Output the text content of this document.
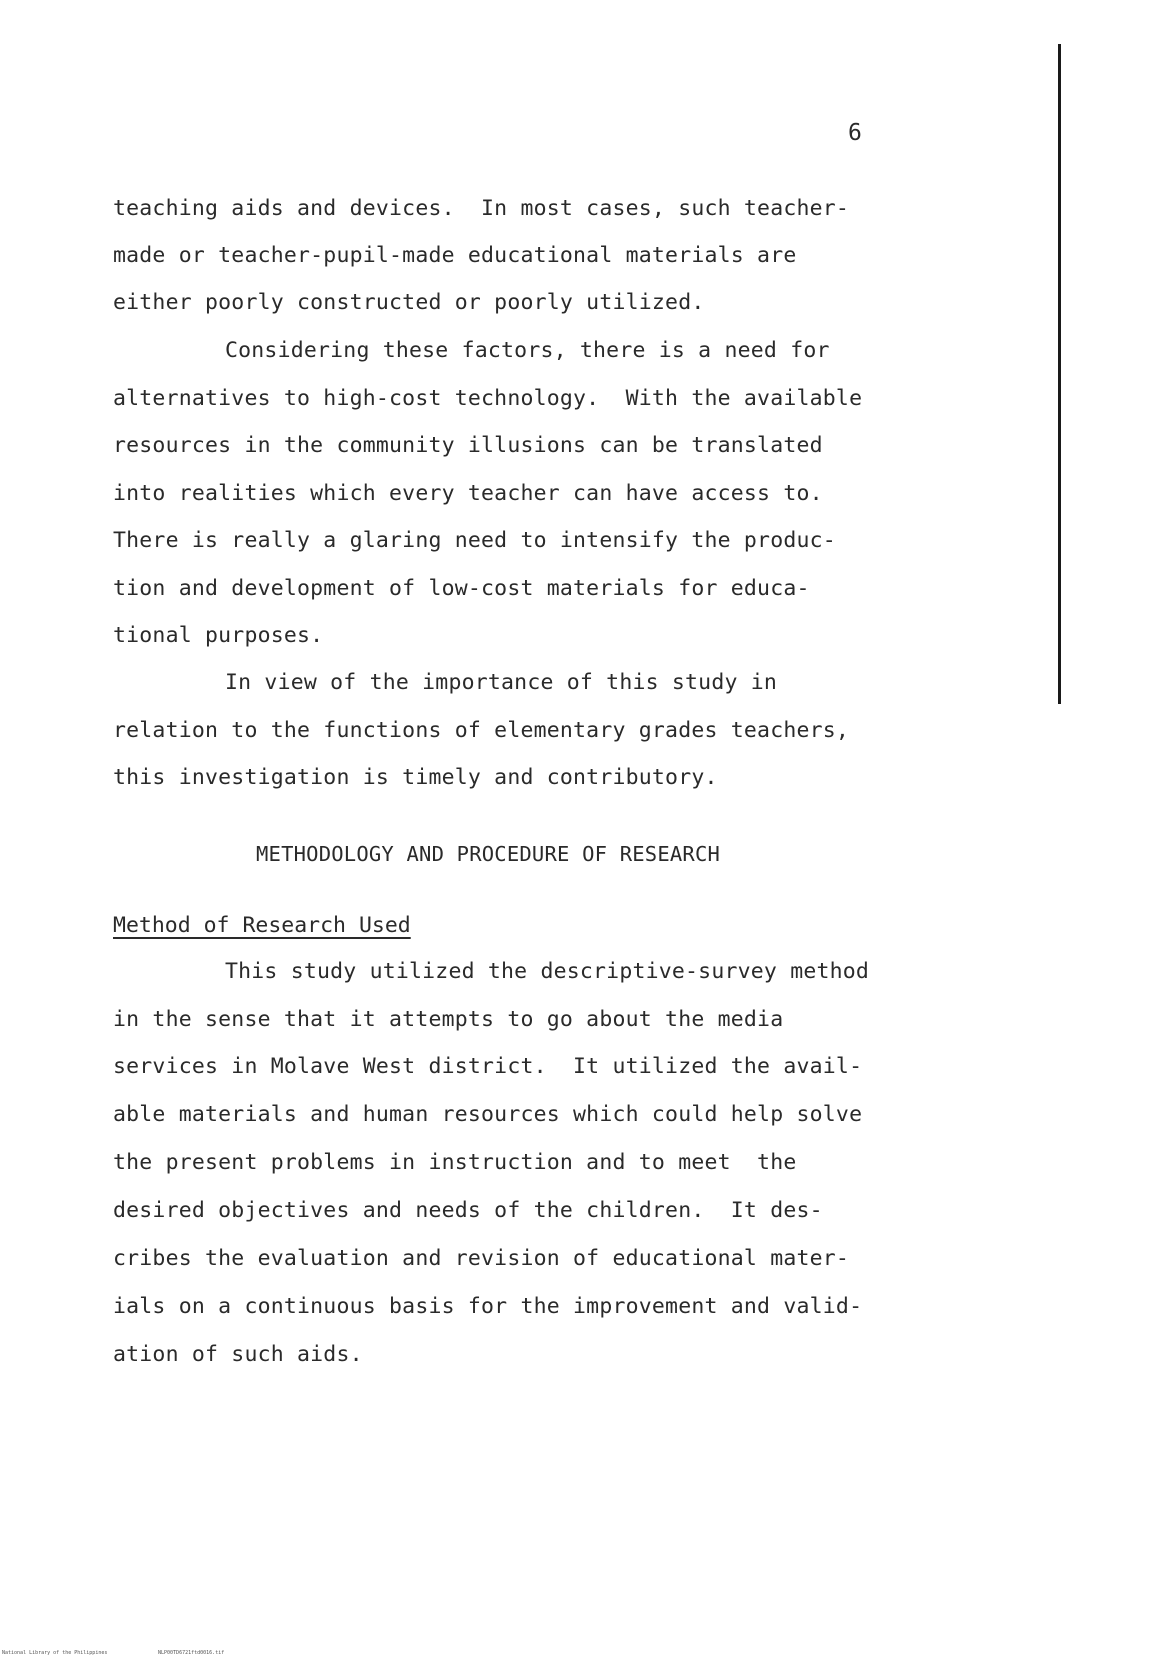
6
teaching aids and devices.  In most cases, such teacher-
made or teacher-pupil-made educational materials are
either poorly constructed or poorly utilized.
Considering these factors, there is a need for
alternatives to high-cost technology.  With the available
resources in the community illusions can be translated
into realities which every teacher can have access to.
There is really a glaring need to intensify the produc-
tion and development of low-cost materials for educa-
tional purposes.
In view of the importance of this study in
relation to the functions of elementary grades teachers,
this investigation is timely and contributory.
METHODOLOGY AND PROCEDURE OF RESEARCH
Method of Research Used
This study utilized the descriptive-survey method
in the sense that it attempts to go about the media
services in Molave West district.  It utilized the avail-
able materials and human resources which could help solve
the present problems in instruction and to meet  the
desired objectives and needs of the children.  It des-
cribes the evaluation and revision of educational mater-
ials on a continuous basis for the improvement and valid-
ation of such aids.
National Library of the Philippines	NLP00TD6721ftd0016.tif
